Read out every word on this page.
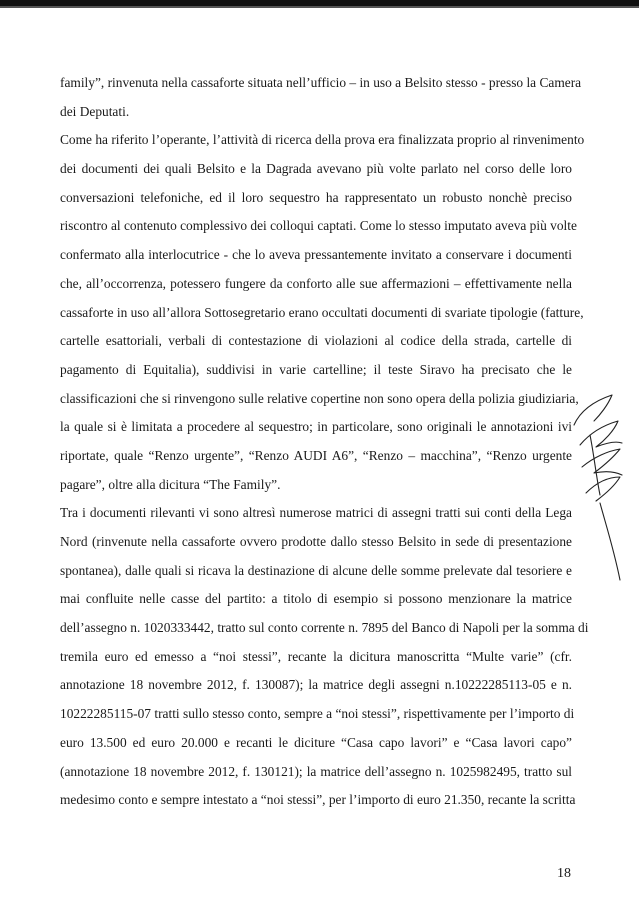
family”, rinvenuta nella cassaforte situata nell’ufficio – in uso a Belsito stesso - presso la Camera
dei Deputati.
Come ha riferito l’operante, l’attività di ricerca della prova era finalizzata proprio al rinvenimento
dei documenti dei quali Belsito e la Dagrada avevano più volte parlato nel corso delle loro
conversazioni telefoniche, ed il loro sequestro ha rappresentato un robusto nonchè preciso
riscontro al contenuto complessivo dei colloqui captati. Come lo stesso imputato aveva più volte
confermato alla interlocutrice - che lo aveva pressantemente invitato a conservare i documenti
che, all’occorrenza, potessero fungere da conforto alle sue affermazioni – effettivamente nella
cassaforte in uso all’allora Sottosegretario erano occultati documenti di svariate tipologie (fatture,
cartelle esattoriali, verbali di contestazione di violazioni al codice della strada, cartelle di
pagamento di Equitalia), suddivisi in varie cartelline; il teste Siravo ha precisato che le
classificazioni che si rinvengono sulle relative copertine non sono opera della polizia giudiziaria,
la quale si è limitata a procedere al sequestro; in particolare, sono originali le annotazioni ivi
riportate, quale “Renzo urgente”, “Renzo AUDI A6”, “Renzo – macchina”, “Renzo urgente
pagare”, oltre alla dicitura “The Family”.
Tra i documenti rilevanti vi sono altresì numerose matrici di assegni tratti sui conti della Lega
Nord (rinvenute nella cassaforte ovvero prodotte dallo stesso Belsito in sede di presentazione
spontanea), dalle quali si ricava la destinazione di alcune delle somme prelevate dal tesoriere e
mai confluite nelle casse del partito: a titolo di esempio si possono menzionare la matrice
dell’assegno n. 1020333442, tratto sul conto corrente n. 7895 del Banco di Napoli per la somma di
tremila euro ed emesso a “noi stessi”, recante la dicitura manoscritta “Multe varie” (cfr.
annotazione 18 novembre 2012, f. 130087); la matrice degli assegni n.10222285113-05 e n.
10222285115-07 tratti sullo stesso conto, sempre a “noi stessi”, rispettivamente per l’importo di
euro 13.500 ed euro 20.000 e recanti le diciture “Casa capo lavori” e “Casa lavori capo”
(annotazione 18 novembre 2012, f. 130121); la matrice dell’assegno n. 1025982495, tratto sul
medesimo conto e sempre intestato a “noi stessi”, per l’importo di euro 21.350, recante la scritta
18
